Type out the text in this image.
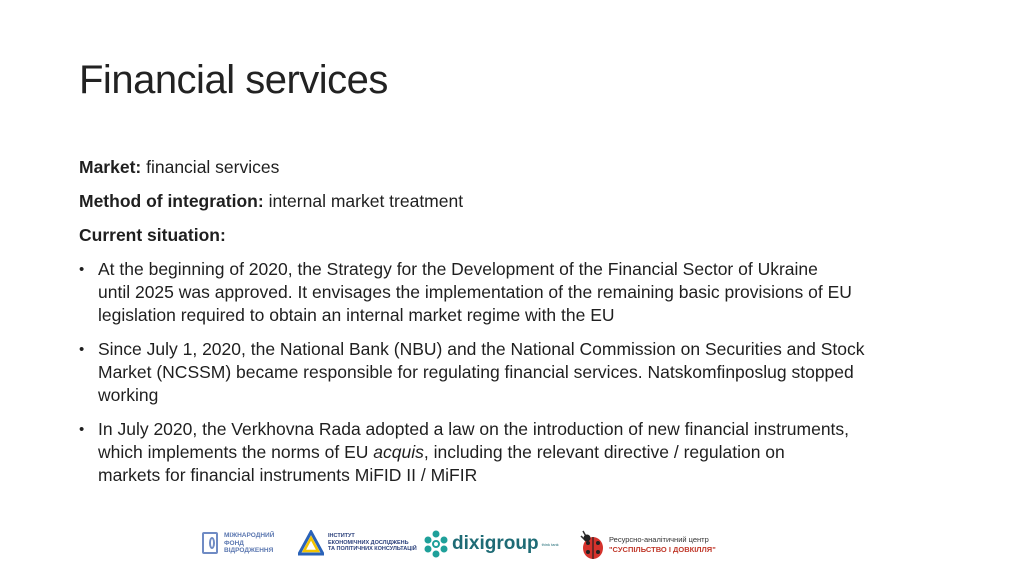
Financial services
Market: financial services
Method of integration: internal market treatment
Current situation:
• At the beginning of 2020, the Strategy for the Development of the Financial Sector of Ukraine
until 2025 was approved. It envisages the implementation of the remaining basic provisions of EU
legislation required to obtain an internal market regime with the EU
• Since July 1, 2020, the National Bank (NBU) and the National Commission on Securities and Stock
Market (NCSSM) became responsible for regulating financial services. Natskomfinposlug stopped
working
• In July 2020, the Verkhovna Rada adopted a law on the introduction of new financial instruments,
which implements the norms of EU acquis, including the relevant directive / regulation on
markets for financial instruments MiFID II / MiFIR
МІЖНАРОДНИЙ
ФОНД
ВІДРОДЖЕННЯ
ІНСТИТУТ
ЕКОНОМІЧНИХ ДОСЛІДЖЕНЬ
ТА ПОЛІТИЧНИХ КОНСУЛЬТАЦІЙ dixigroup think tank	Ресурсно-аналітичний центр
"СУСПІЛЬСТВО І ДОВКІЛЛЯ"
